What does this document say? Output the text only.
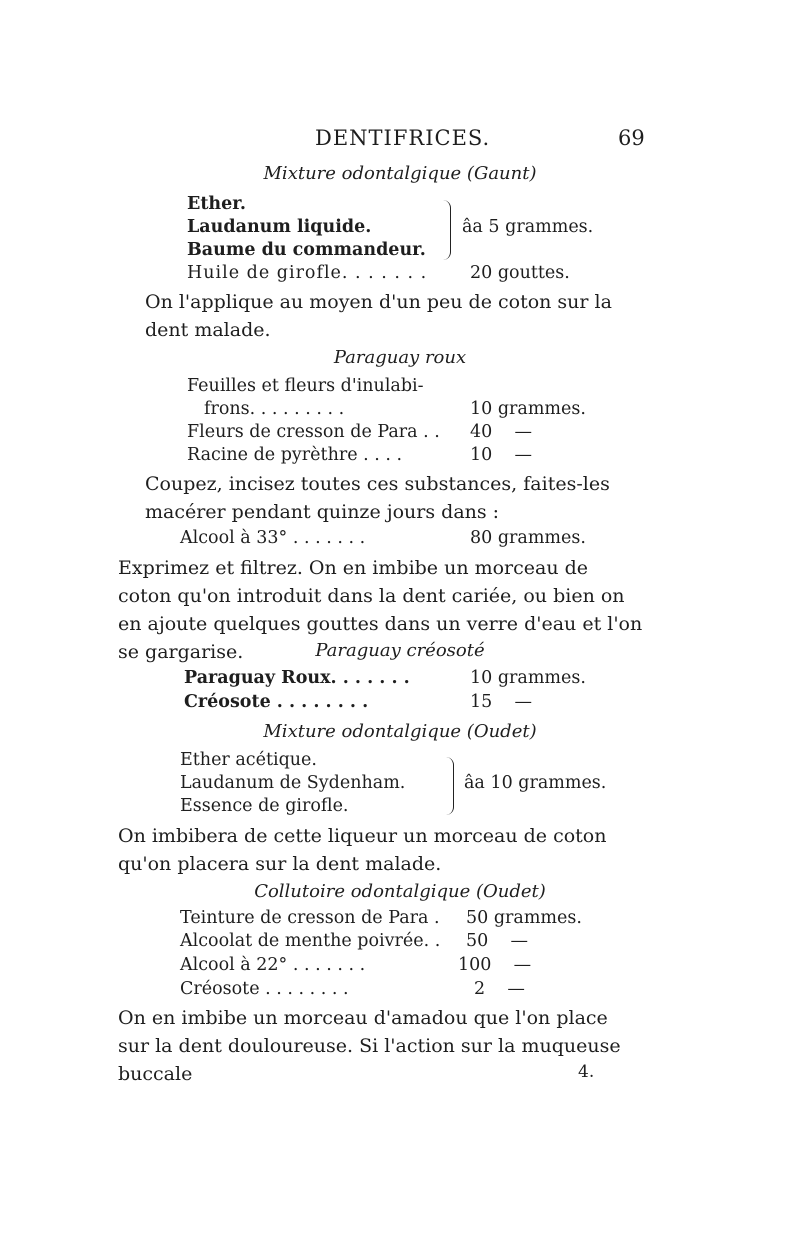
DENTIFRICES.	69
Mixture odontalgique (Gaunt)
Ether.
Laudanum liquide.
Baume du commandeur.
âa 5 grammes.
Huile de girofle. . . . . . . 20 gouttes.
On l'applique au moyen d'un peu de coton sur la dent malade.
Paraguay roux
Feuilles et fleurs d'inulabi-
frons. . . . . . . . .	10 grammes.
Fleurs de cresson de Para . . 40    —
Racine de pyrèthre . . . .	10    —
Coupez, incisez toutes ces substances, faites-les macérer pendant quinze jours dans :
Alcool à 33° . . . . . . .	80 grammes.
Exprimez et filtrez. On en imbibe un morceau de coton qu'on introduit dans la dent cariée, ou bien on en ajoute quelques gouttes dans un verre d'eau et l'on se gargarise.	Paraguay créosoté
Paraguay Roux. . . . . . .	10 grammes.
Créosote . . . . . . . .	15    —
Mixture odontalgique (Oudet)
Ether acétique.
Laudanum de Sydenham.
Essence de girofle.
âa 10 grammes.
On imbibera de cette liqueur un morceau de coton qu'on placera sur la dent malade.
Collutoire odontalgique (Oudet)
Teinture de cresson de Para . 50 grammes.
Alcoolat de menthe poivrée. . 50    —
Alcool à 22° . . . . . . .	100    —
Créosote . . . . . . . .	2    —
On en imbibe un morceau d'amadou que l'on place sur la dent douloureuse. Si l'action sur la muqueuse buccale	4.
